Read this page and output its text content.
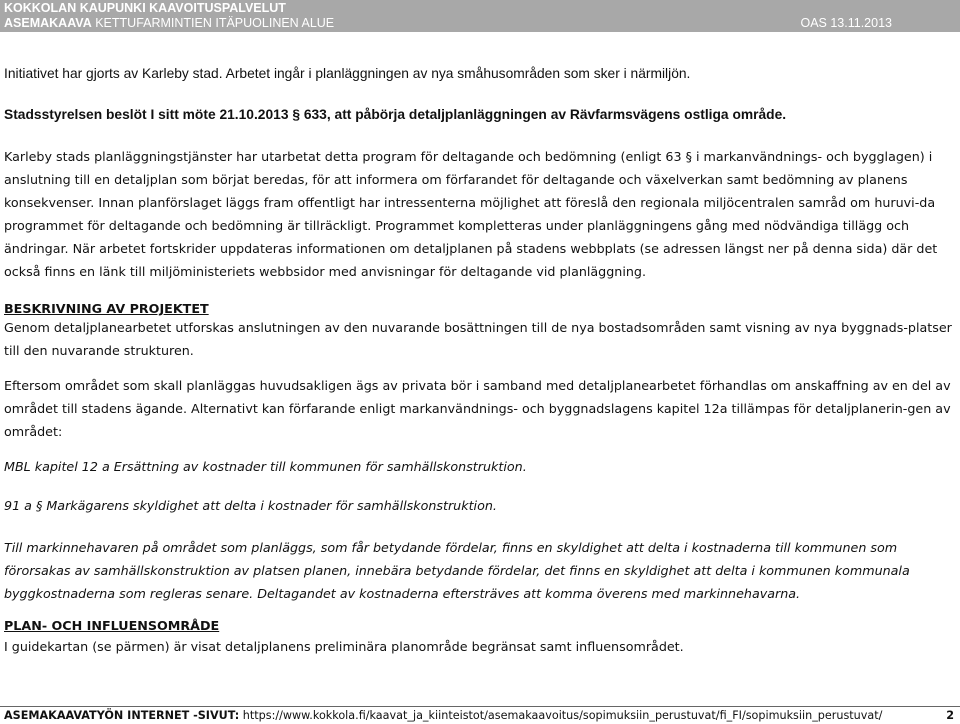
KOKKOLAN KAUPUNKI KAAVOITUSPALVELUT
ASEMAKAAVA KETTUFARMINTIEN ITÄPUOLINEN ALUE	OAS 13.11.2013

Initiativet har gjorts av Karleby stad. Arbetet ingår i planläggningen av nya småhusområden som sker i närmiljön.

Stadsstyrelsen beslöt I sitt möte 21.10.2013 § 633, att påbörja detaljplanläggningen av Rävfarmsvägens ostliga område.

Karleby stads planläggningstjänster har utarbetat detta program för deltagande och bedömning (enligt 63 § i markanvändnings- och bygglagen) i anslutning till en detaljplan som börjat beredas, för att informera om förfarandet för deltagande och växelverkan samt bedömning av planens konsekvenser. Innan planförslaget läggs fram offentligt har intressenterna möjlighet att föreslå den regionala miljöcentralen samråd om huruvi-da programmet för deltagande och bedömning är tillräckligt. Programmet kompletteras under planläggningens gång med nödvändiga tillägg och ändringar. När arbetet fortskrider uppdateras informationen om detaljplanen på stadens webbplats (se adressen längst ner på denna sida) där det också finns en länk till miljöministeriets webbsidor med anvisningar för deltagande vid planläggning.

BESKRIVNING AV PROJEKTET

Genom detaljplanearbetet utforskas anslutningen av den nuvarande bosättningen till de nya bostadsområden samt visning av nya byggnads-platser till den nuvarande strukturen.

Eftersom området som skall planläggas huvudsakligen ägs av privata bör i samband med detaljplanearbetet förhandlas om anskaffning av en del av området till stadens ägande. Alternativt kan förfarande enligt markanvändnings- och byggnadslagens kapitel 12a tillämpas för detaljplanerin-gen av området:

MBL kapitel 12 a Ersättning av kostnader till kommunen för samhällskonstruktion.

91 a § Markägarens skyldighet att delta i kostnader för samhällskonstruktion.

Till markinnehavaren på området som planläggs, som får betydande fördelar, finns en skyldighet att delta i kostnaderna till kommunen som förorsakas av samhällskonstruktion av platsen planen, innebära betydande fördelar, det finns en skyldighet att delta i kommunen kommunala byggkostnaderna som regleras senare. Deltagandet av kostnaderna eftersträves att komma överens med markinnehavarna.

PLAN- OCH INFLUENSOMRÅDE

I guidekartan (se pärmen) är visat detaljplanens preliminära planområde begränsat samt influensområdet.

ASEMAKAAVATYÖN INTERNET -SIVUT: https://www.kokkola.fi/kaavat_ja_kiinteistot/asemakaavoitus/sopimuksiin_perustuvat/fi_FI/sopimuksiin_perustuvat/	2
